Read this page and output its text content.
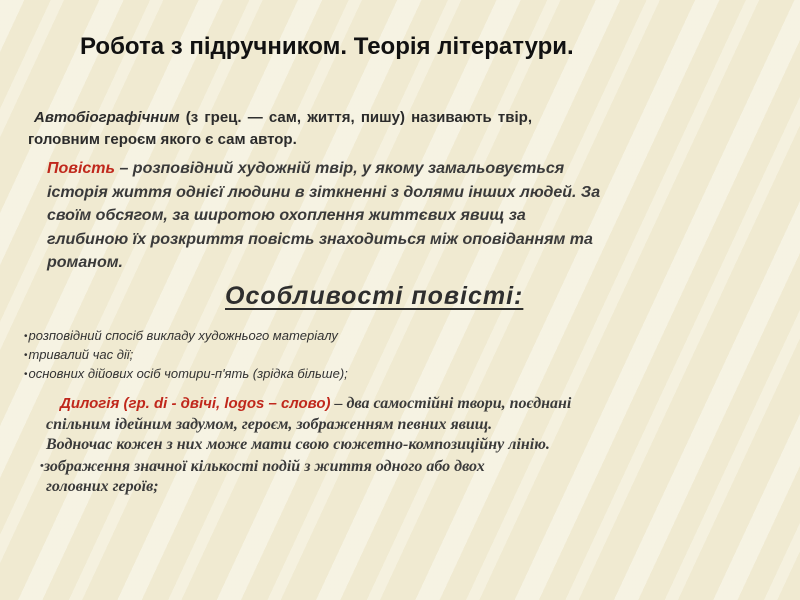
Робота з підручником. Теорія літератури.
Автобіографічним (з грец. — сам, життя, пишу) називають твір,
головним героєм якого є сам автор.
Повість – розповідний художній твір, у якому замальовується
історія життя однієї людини в зіткненні з долями інших людей. За
своїм обсягом, за широтою охоплення життєвих явищ за
глибиною їх розкриття повість знаходиться між оповіданням та
романом.
Особливості повісті:
• розповідний спосіб викладу художнього матеріалу
• тривалий час дії;
• основних дійових осіб чотири-п'ять (зрідка більше);
Дилогія (гр. di - двічі, logos – слово) – два самостійні твори, поєднані
спільним ідейним задумом, героєм, зображенням певних явищ.
Водночас кожен з них може мати свою сюжетно-композиційну лінію.
•зображення значної кількості подій з життя одного або двох
головних героїв;
